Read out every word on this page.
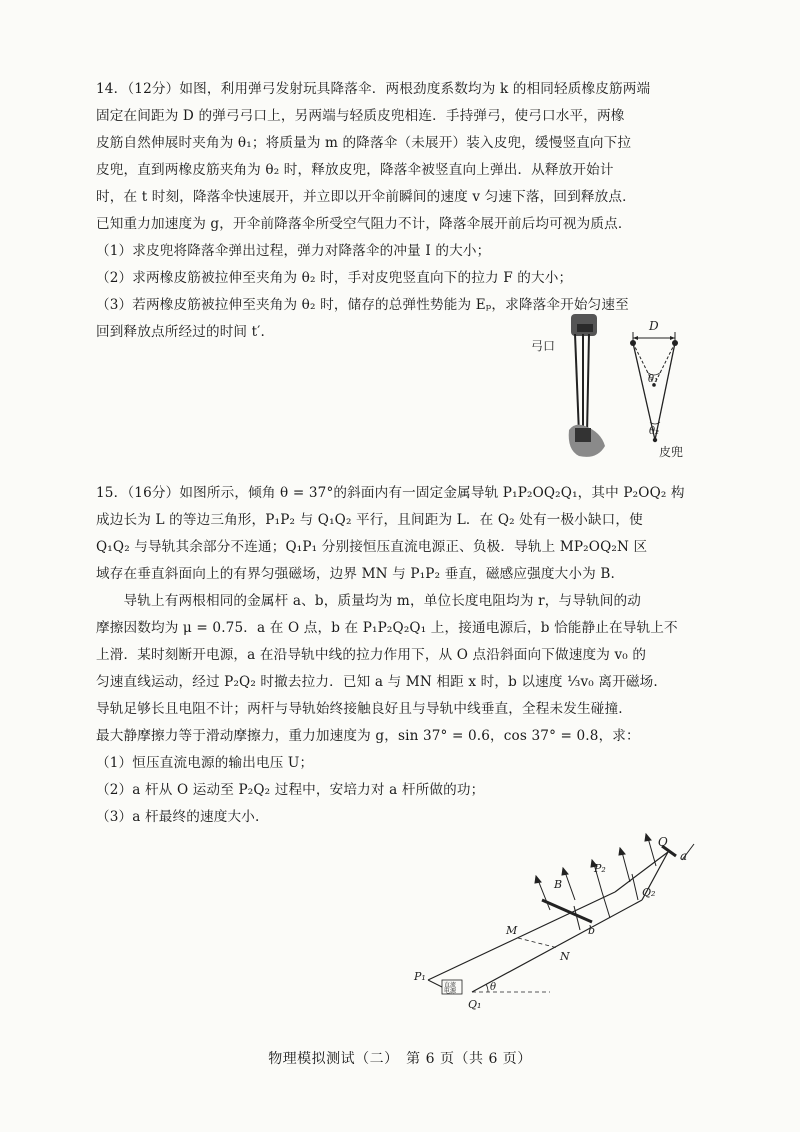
14．（12分）如图，利用弹弓发射玩具降落伞．两根劲度系数均为 k 的相同轻质橡皮筋两端
固定在间距为 D 的弹弓弓口上，另两端与轻质皮兜相连．手持弹弓，使弓口水平，两橡
皮筋自然伸展时夹角为 θ₁；将质量为 m 的降落伞（未展开）装入皮兜，缓慢竖直向下拉
皮兜，直到两橡皮筋夹角为 θ₂ 时，释放皮兜，降落伞被竖直向上弹出．从释放开始计
时，在 t 时刻，降落伞快速展开，并立即以开伞前瞬间的速度 v 匀速下落，回到释放点．
已知重力加速度为 g，开伞前降落伞所受空气阻力不计，降落伞展开前后均可视为质点．
（1）求皮兜将降落伞弹出过程，弹力对降落伞的冲量 I 的大小；
（2）求两橡皮筋被拉伸至夹角为 θ₂ 时，手对皮兜竖直向下的拉力 F 的大小；
（3）若两橡皮筋被拉伸至夹角为 θ₂ 时，储存的总弹性势能为 Eₚ，求降落伞开始匀速至
回到释放点所经过的时间 t′.
弓口
D
θ₁
θ₂
皮兜
15．（16分）如图所示，倾角 θ = 37°的斜面内有一固定金属导轨 P₁P₂OQ₂Q₁，其中 P₂OQ₂ 构
成边长为 L 的等边三角形，P₁P₂ 与 Q₁Q₂ 平行，且间距为 L．在 Q₂ 处有一极小缺口，使
Q₁Q₂ 与导轨其余部分不连通；Q₁P₁ 分别接恒压直流电源正、负极．导轨上 MP₂OQ₂N 区
域存在垂直斜面向上的有界匀强磁场，边界 MN 与 P₁P₂ 垂直，磁感应强度大小为 B.
　　导轨上有两根相同的金属杆 a、b，质量均为 m，单位长度电阻均为 r，与导轨间的动
摩擦因数均为 μ = 0.75．a 在 O 点，b 在 P₁P₂Q₂Q₁ 上，接通电源后，b 恰能静止在导轨上不
上滑．某时刻断开电源，a 在沿导轨中线的拉力作用下，从 O 点沿斜面向下做速度为 v₀ 的
匀速直线运动，经过 P₂Q₂ 时撤去拉力．已知 a 与 MN 相距 x 时，b 以速度 ⅓v₀ 离开磁场.
导轨足够长且电阻不计；两杆与导轨始终接触良好且与导轨中线垂直，全程未发生碰撞.
最大静摩擦力等于滑动摩擦力，重力加速度为 g，sin 37° = 0.6，cos 37° = 0.8，求：
（1）恒压直流电源的输出电压 U；
（2）a 杆从 O 运动至 P₂Q₂ 过程中，安培力对 a 杆所做的功；
（3）a 杆最终的速度大小.
O
a
P₂
Q₂
B
b
M
N
P₁
Q₁
θ
直流
电源
物理模拟测试（二）　第 6 页（共 6 页）
